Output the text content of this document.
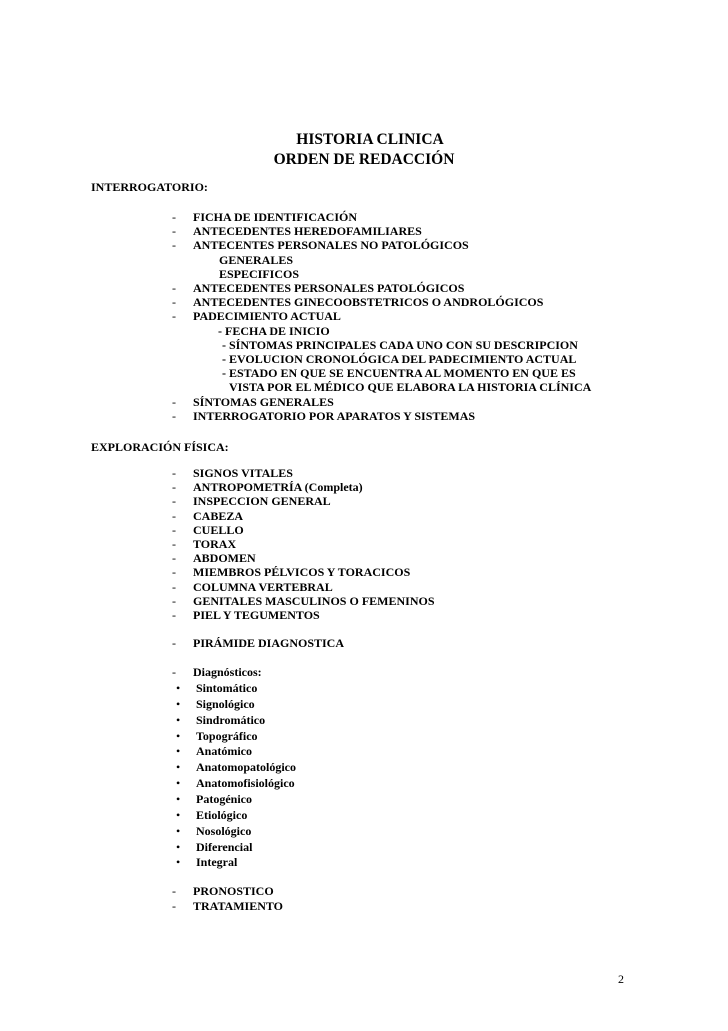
HISTORIA CLINICA
ORDEN DE REDACCIÓN
INTERROGATORIO:
- FICHA DE IDENTIFICACIÓN
- ANTECEDENTES HEREDOFAMILIARES
- ANTECENTES PERSONALES NO PATOLÓGICOS
- ANTECEDENTES PERSONALES PATOLÓGICOS
- ANTECEDENTES GINECOOBSTETRICOS O ANDROLÓGICOS
- PADECIMIENTO ACTUAL
- SÍNTOMAS GENERALES
- INTERROGATORIO POR APARATOS Y SISTEMAS
GENERALES
ESPECIFICOS
- FECHA DE INICIO
- SÍNTOMAS PRINCIPALES CADA UNO CON SU DESCRIPCION
- EVOLUCION CRONOLÓGICA DEL PADECIMIENTO ACTUAL
- ESTADO EN QUE SE ENCUENTRA AL MOMENTO EN QUE ES
VISTA POR EL MÉDICO QUE ELABORA LA HISTORIA CLÍNICA
EXPLORACIÓN FÍSICA:
- SIGNOS VITALES
- ANTROPOMETRÍA (Completa)
- INSPECCION GENERAL
- CABEZA
- CUELLO
- TORAX
- ABDOMEN
- MIEMBROS PÉLVICOS Y TORACICOS
- COLUMNA VERTEBRAL
- GENITALES MASCULINOS O FEMENINOS
- PIEL Y TEGUMENTOS
- PIRÁMIDE DIAGNOSTICA
- Diagnósticos:
• Sintomático
• Signológico
• Sindromático
• Topográfico
• Anatómico
• Anatomopatológico
• Anatomofisiológico
• Patogénico
• Etiológico
• Nosológico
• Diferencial
• Integral
- PRONOSTICO
- TRATAMIENTO
2
